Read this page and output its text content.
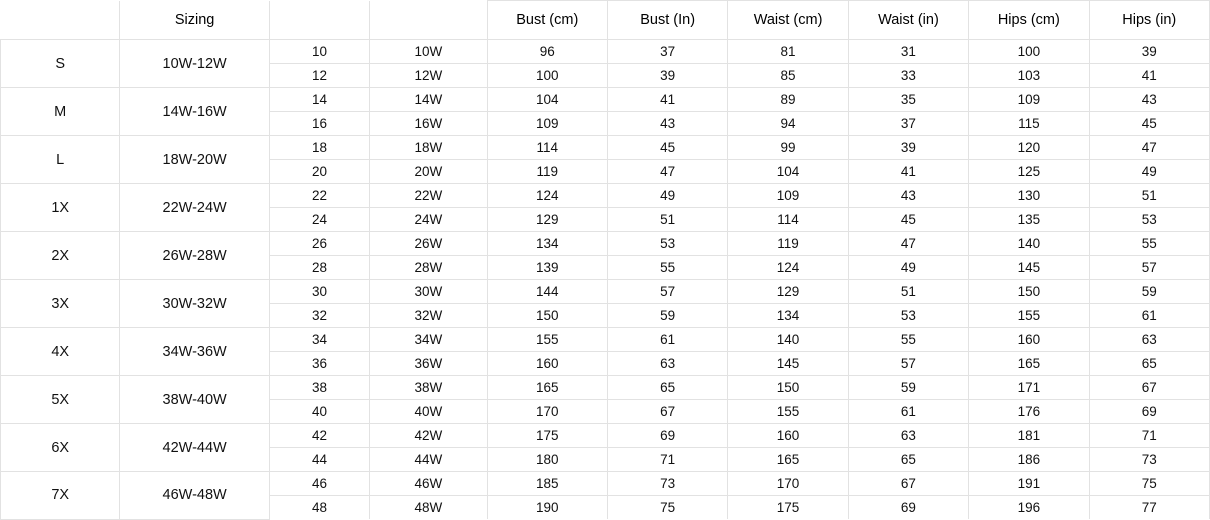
	Sizing			Bust (cm)	Bust (In)	Waist (cm)	Waist (in)	Hips (cm)	Hips (in)
S	10W-12W	10	10W	96	37	81	31	100	39
		12	12W	100	39	85	33	103	41
M	14W-16W	14	14W	104	41	89	35	109	43
		16	16W	109	43	94	37	115	45
L	18W-20W	18	18W	114	45	99	39	120	47
		20	20W	119	47	104	41	125	49
1X	22W-24W	22	22W	124	49	109	43	130	51
		24	24W	129	51	114	45	135	53
2X	26W-28W	26	26W	134	53	119	47	140	55
		28	28W	139	55	124	49	145	57
3X	30W-32W	30	30W	144	57	129	51	150	59
		32	32W	150	59	134	53	155	61
4X	34W-36W	34	34W	155	61	140	55	160	63
		36	36W	160	63	145	57	165	65
5X	38W-40W	38	38W	165	65	150	59	171	67
		40	40W	170	67	155	61	176	69
6X	42W-44W	42	42W	175	69	160	63	181	71
		44	44W	180	71	165	65	186	73
7X	46W-48W	46	46W	185	73	170	67	191	75
		48	48W	190	75	175	69	196	77
